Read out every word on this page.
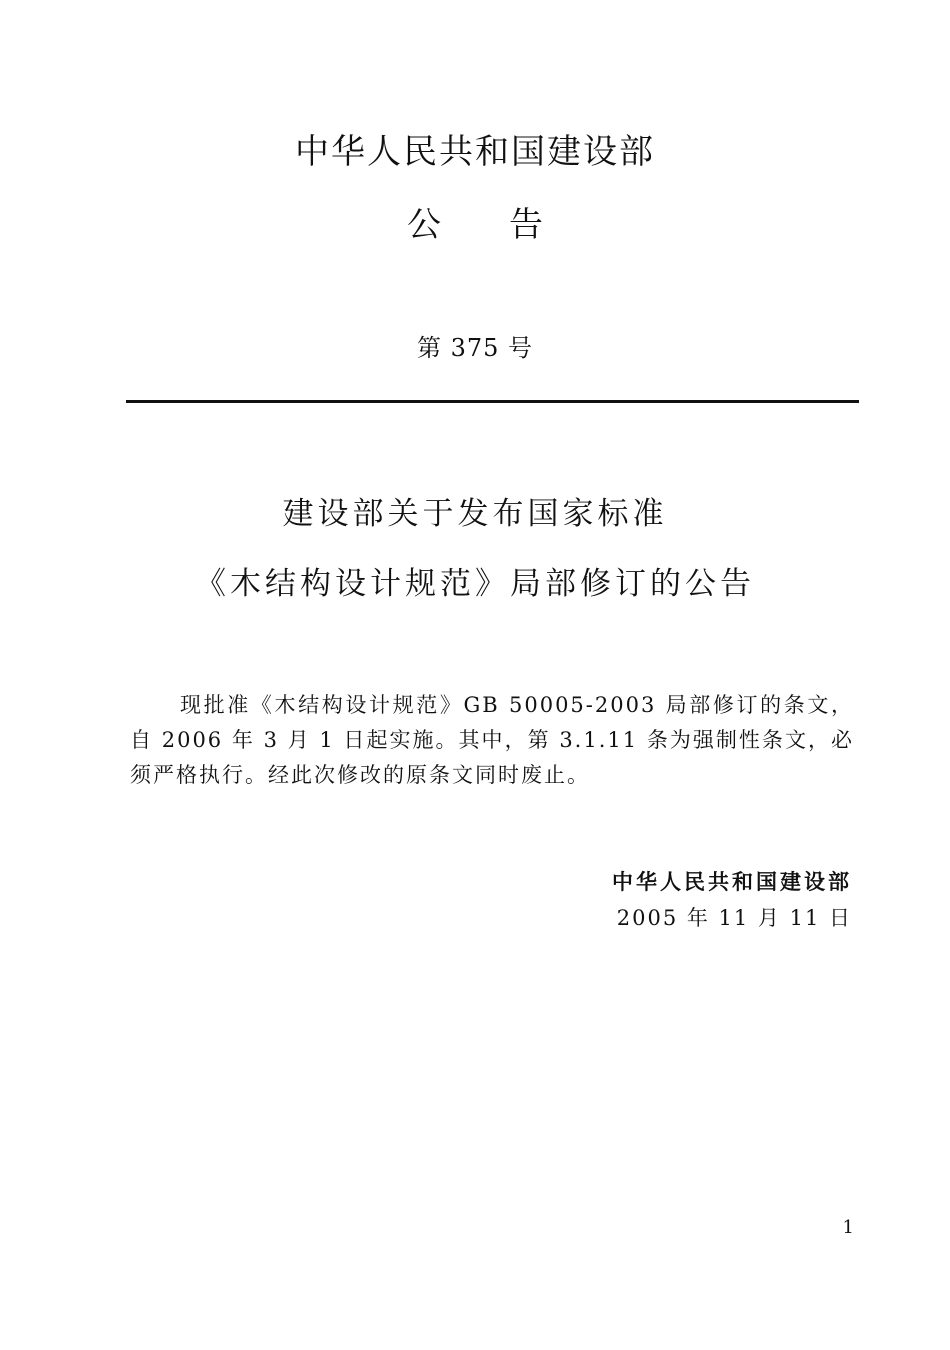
中华人民共和国建设部
公告
第 375 号
建设部关于发布国家标准
《木结构设计规范》局部修订的公告

现批准《木结构设计规范》GB 50005-2003 局部修订的条文，自 2006 年 3 月 1 日起实施。其中，第 3.1.11 条为强制性条文，必须严格执行。经此次修改的原条文同时废止。

中华人民共和国建设部
2005 年 11 月 11 日
1
